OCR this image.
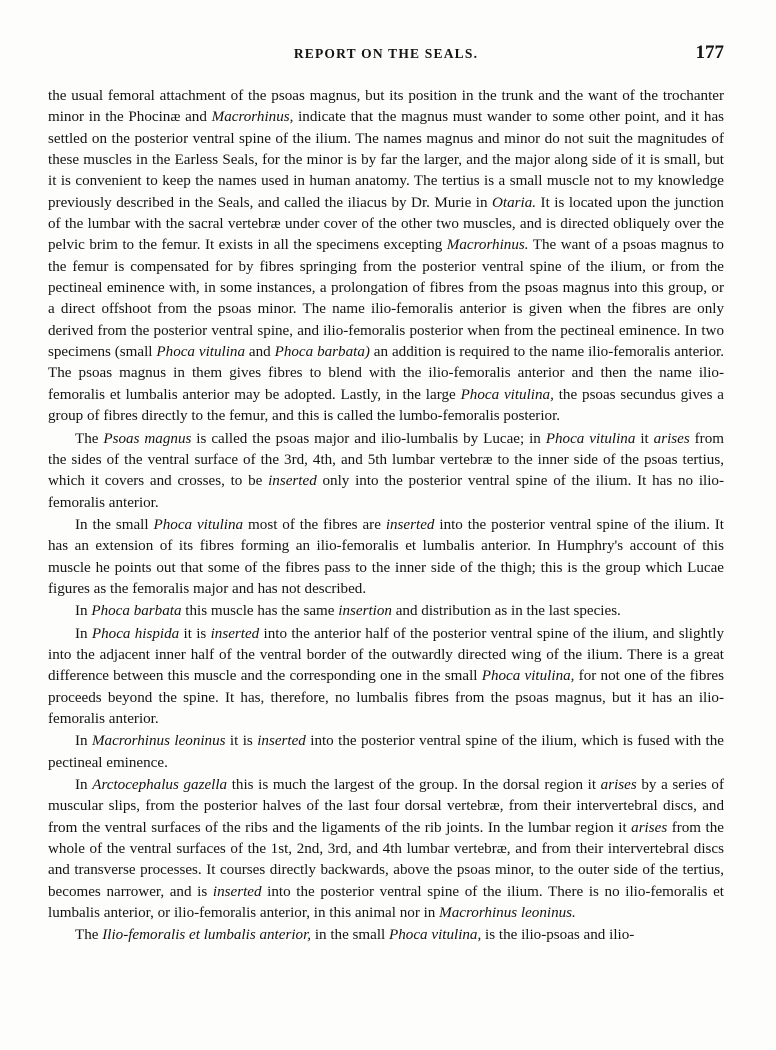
REPORT ON THE SEALS.	177

the usual femoral attachment of the psoas magnus, but its position in the trunk and the want of the trochanter minor in the Phocinæ and Macrorhinus, indicate that the magnus must wander to some other point, and it has settled on the posterior ventral spine of the ilium. The names magnus and minor do not suit the magnitudes of these muscles in the Earless Seals, for the minor is by far the larger, and the major along side of it is small, but it is convenient to keep the names used in human anatomy. The tertius is a small muscle not to my knowledge previously described in the Seals, and called the iliacus by Dr. Murie in Otaria. It is located upon the junction of the lumbar with the sacral vertebræ under cover of the other two muscles, and is directed obliquely over the pelvic brim to the femur. It exists in all the specimens excepting Macrorhinus. The want of a psoas magnus to the femur is compensated for by fibres springing from the posterior ventral spine of the ilium, or from the pectineal eminence with, in some instances, a prolongation of fibres from the psoas magnus into this group, or a direct offshoot from the psoas minor. The name ilio-femoralis anterior is given when the fibres are only derived from the posterior ventral spine, and ilio-femoralis posterior when from the pectineal eminence. In two specimens (small Phoca vitulina and Phoca barbata) an addition is required to the name ilio-femoralis anterior. The psoas magnus in them gives fibres to blend with the ilio-femoralis anterior and then the name ilio-femoralis et lumbalis anterior may be adopted. Lastly, in the large Phoca vitulina, the psoas secundus gives a group of fibres directly to the femur, and this is called the lumbo-femoralis posterior.

The Psoas magnus is called the psoas major and ilio-lumbalis by Lucae; in Phoca vitulina it arises from the sides of the ventral surface of the 3rd, 4th, and 5th lumbar vertebræ to the inner side of the psoas tertius, which it covers and crosses, to be inserted only into the posterior ventral spine of the ilium. It has no ilio-femoralis anterior.

In the small Phoca vitulina most of the fibres are inserted into the posterior ventral spine of the ilium. It has an extension of its fibres forming an ilio-femoralis et lumbalis anterior. In Humphry's account of this muscle he points out that some of the fibres pass to the inner side of the thigh; this is the group which Lucae figures as the femoralis major and has not described.

In Phoca barbata this muscle has the same insertion and distribution as in the last species.

In Phoca hispida it is inserted into the anterior half of the posterior ventral spine of the ilium, and slightly into the adjacent inner half of the ventral border of the outwardly directed wing of the ilium. There is a great difference between this muscle and the corresponding one in the small Phoca vitulina, for not one of the fibres proceeds beyond the spine. It has, therefore, no lumbalis fibres from the psoas magnus, but it has an ilio-femoralis anterior.

In Macrorhinus leoninus it is inserted into the posterior ventral spine of the ilium, which is fused with the pectineal eminence.

In Arctocephalus gazella this is much the largest of the group. In the dorsal region it arises by a series of muscular slips, from the posterior halves of the last four dorsal vertebræ, from their intervertebral discs, and from the ventral surfaces of the ribs and the ligaments of the rib joints. In the lumbar region it arises from the whole of the ventral surfaces of the 1st, 2nd, 3rd, and 4th lumbar vertebræ, and from their intervertebral discs and transverse processes. It courses directly backwards, above the psoas minor, to the outer side of the tertius, becomes narrower, and is inserted into the posterior ventral spine of the ilium. There is no ilio-femoralis et lumbalis anterior, or ilio-femoralis anterior, in this animal nor in Macrorhinus leoninus.

The Ilio-femoralis et lumbalis anterior, in the small Phoca vitulina, is the ilio-psoas and ilio-
